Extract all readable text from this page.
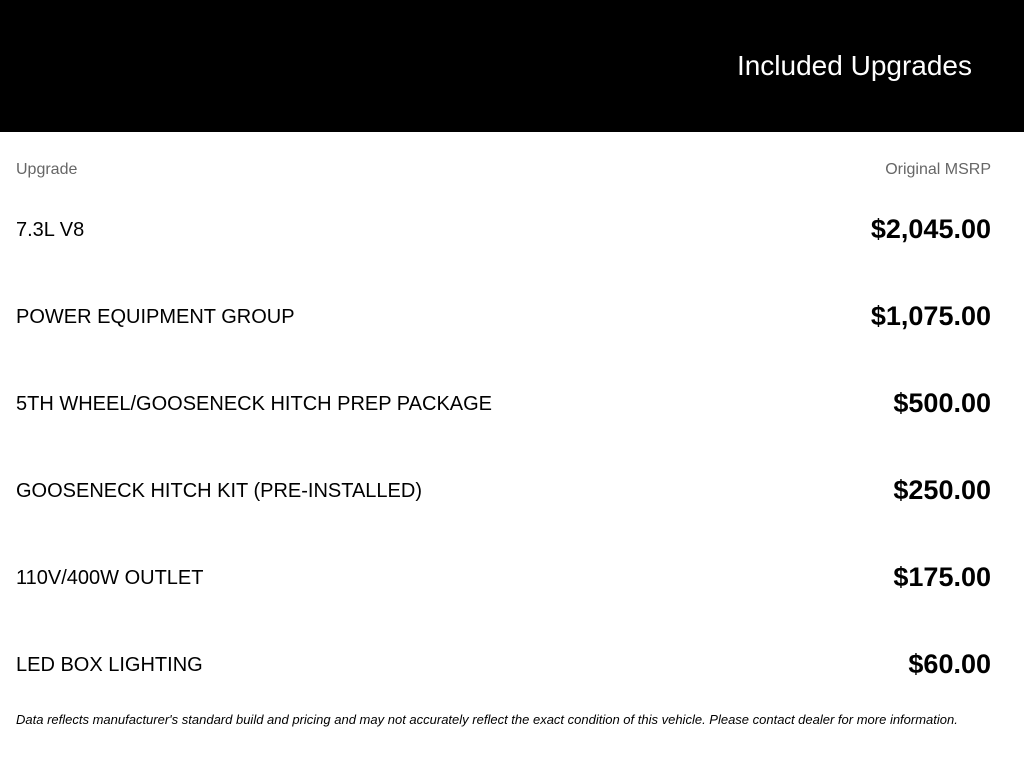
Included Upgrades
Upgrade	Original MSRP
7.3L V8	$2,045.00
POWER EQUIPMENT GROUP	$1,075.00
5TH WHEEL/GOOSENECK HITCH PREP PACKAGE	$500.00
GOOSENECK HITCH KIT (PRE-INSTALLED)	$250.00
110V/400W OUTLET	$175.00
LED BOX LIGHTING	$60.00
Data reflects manufacturer's standard build and pricing and may not accurately reflect the exact condition of this vehicle. Please contact dealer for more information.
